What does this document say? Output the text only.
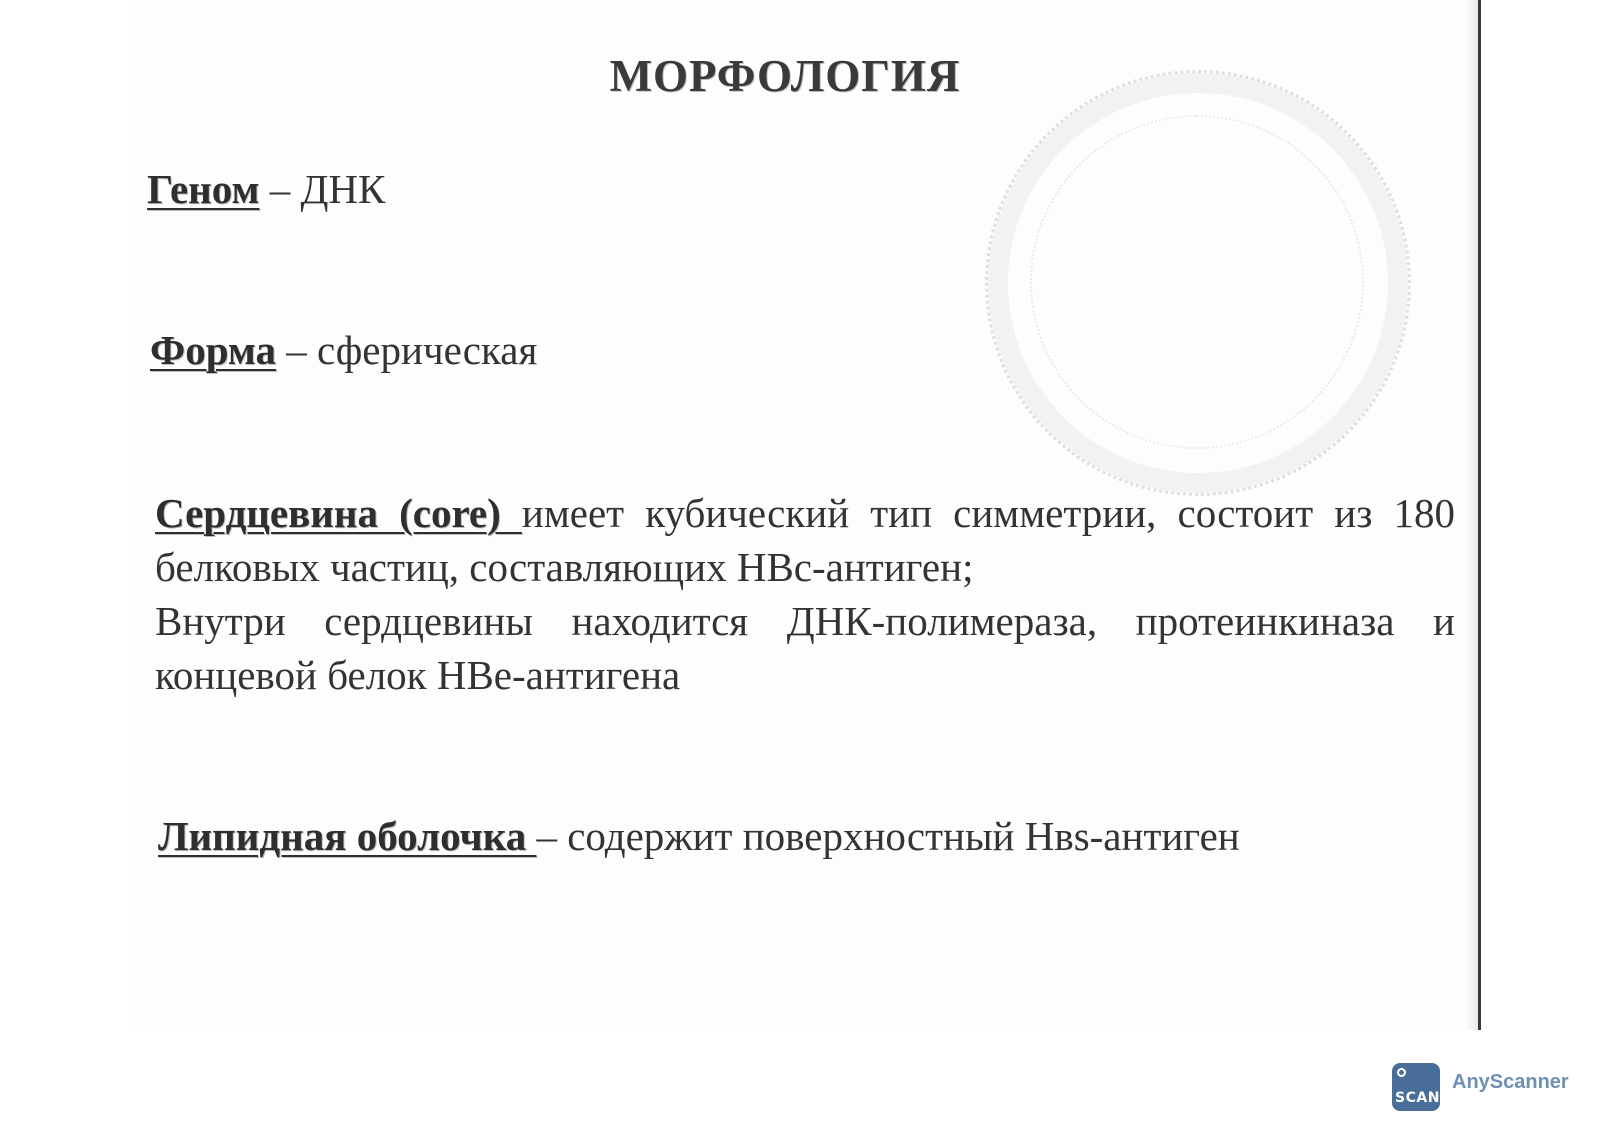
МОРФОЛОГИЯ
Геном – ДНК
Форма – сферическая
Сердцевина (core) имеет кубический тип симметрии, состоит из 180 белковых частиц, составляющих НВс-антиген;
Внутри сердцевины находится ДНК-полимераза, протеинкиназа и концевой белок НВе-антигена
Липидная оболочка – содержит поверхностный Нвs-антиген
SCAN
AnyScanner
